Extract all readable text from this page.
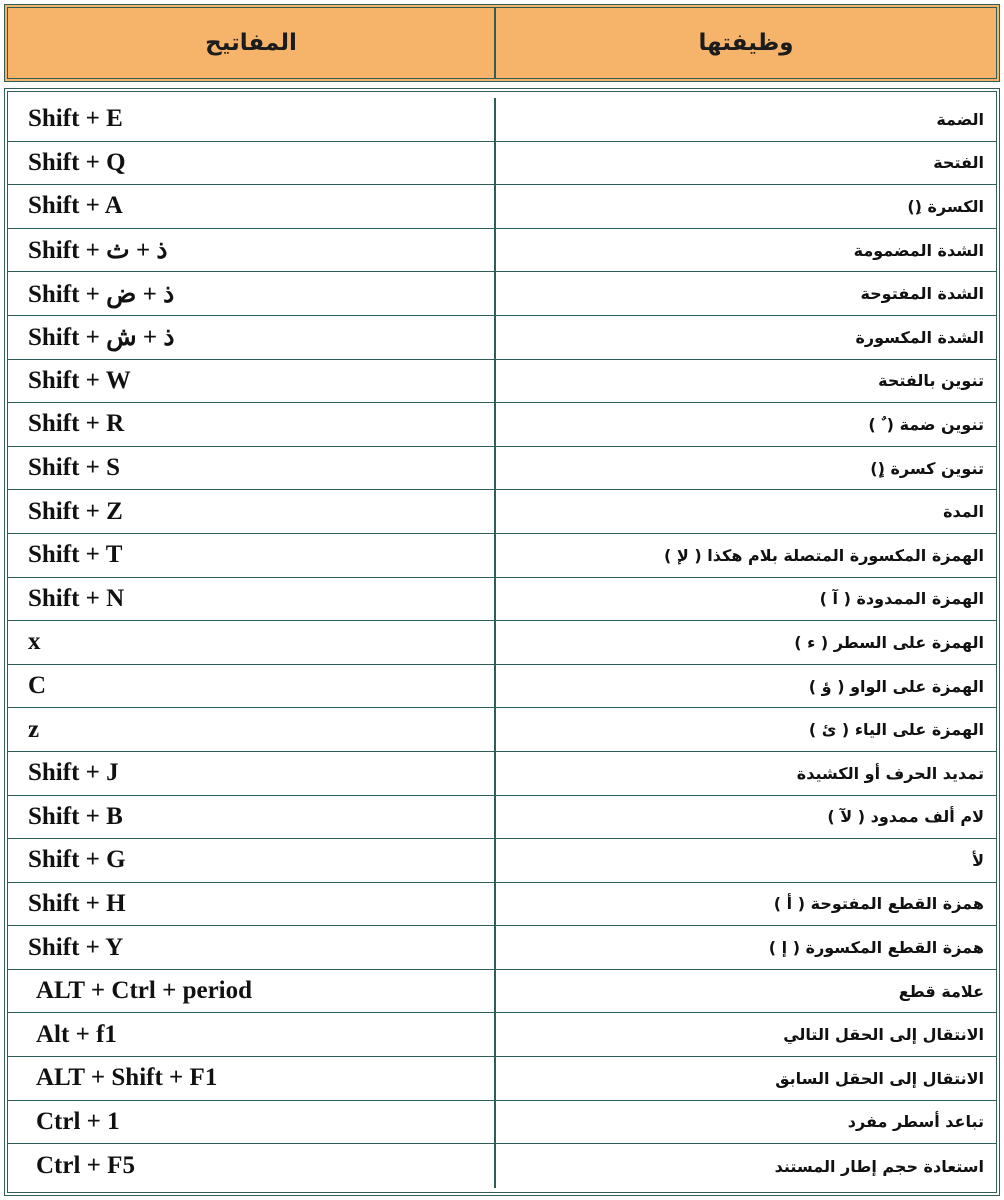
المفاتيح	وظيفتها
Shift + E	الضمة
Shift + Q	الفتحة
Shift + A	الكسرة (ِ)
Shift + ذ + ث	الشدة المضمومة
Shift + ذ + ض	الشدة المفتوحة
Shift + ذ + ش	الشدة المكسورة
Shift + W	تنوين بالفتحة
Shift + R	تنوين ضمة ( ٌ )
Shift + S	تنوين كسرة (ٍ)
Shift + Z	المدة
Shift + T	الهمزة المكسورة المتصلة بلام هكذا ( لإ )
Shift + N	الهمزة الممدودة ( آ )
x	الهمزة على السطر ( ء )
C	الهمزة على الواو ( ؤ )
z	الهمزة على الياء ( ئ )
Shift + J	تمديد الحرف أو الكشيدة
Shift + B	لام ألف ممدود ( لآ )
Shift + G	لأ
Shift + H	همزة القطع المفتوحة ( أ )
Shift + Y	همزة القطع المكسورة ( إ )
ALT + Ctrl + period	علامة قطع
Alt + f1	الانتقال إلى الحقل التالي
ALT + Shift + F1	الانتقال إلى الحقل السابق
Ctrl + 1	تباعد أسطر مفرد
Ctrl + F5	استعادة حجم إطار المستند
